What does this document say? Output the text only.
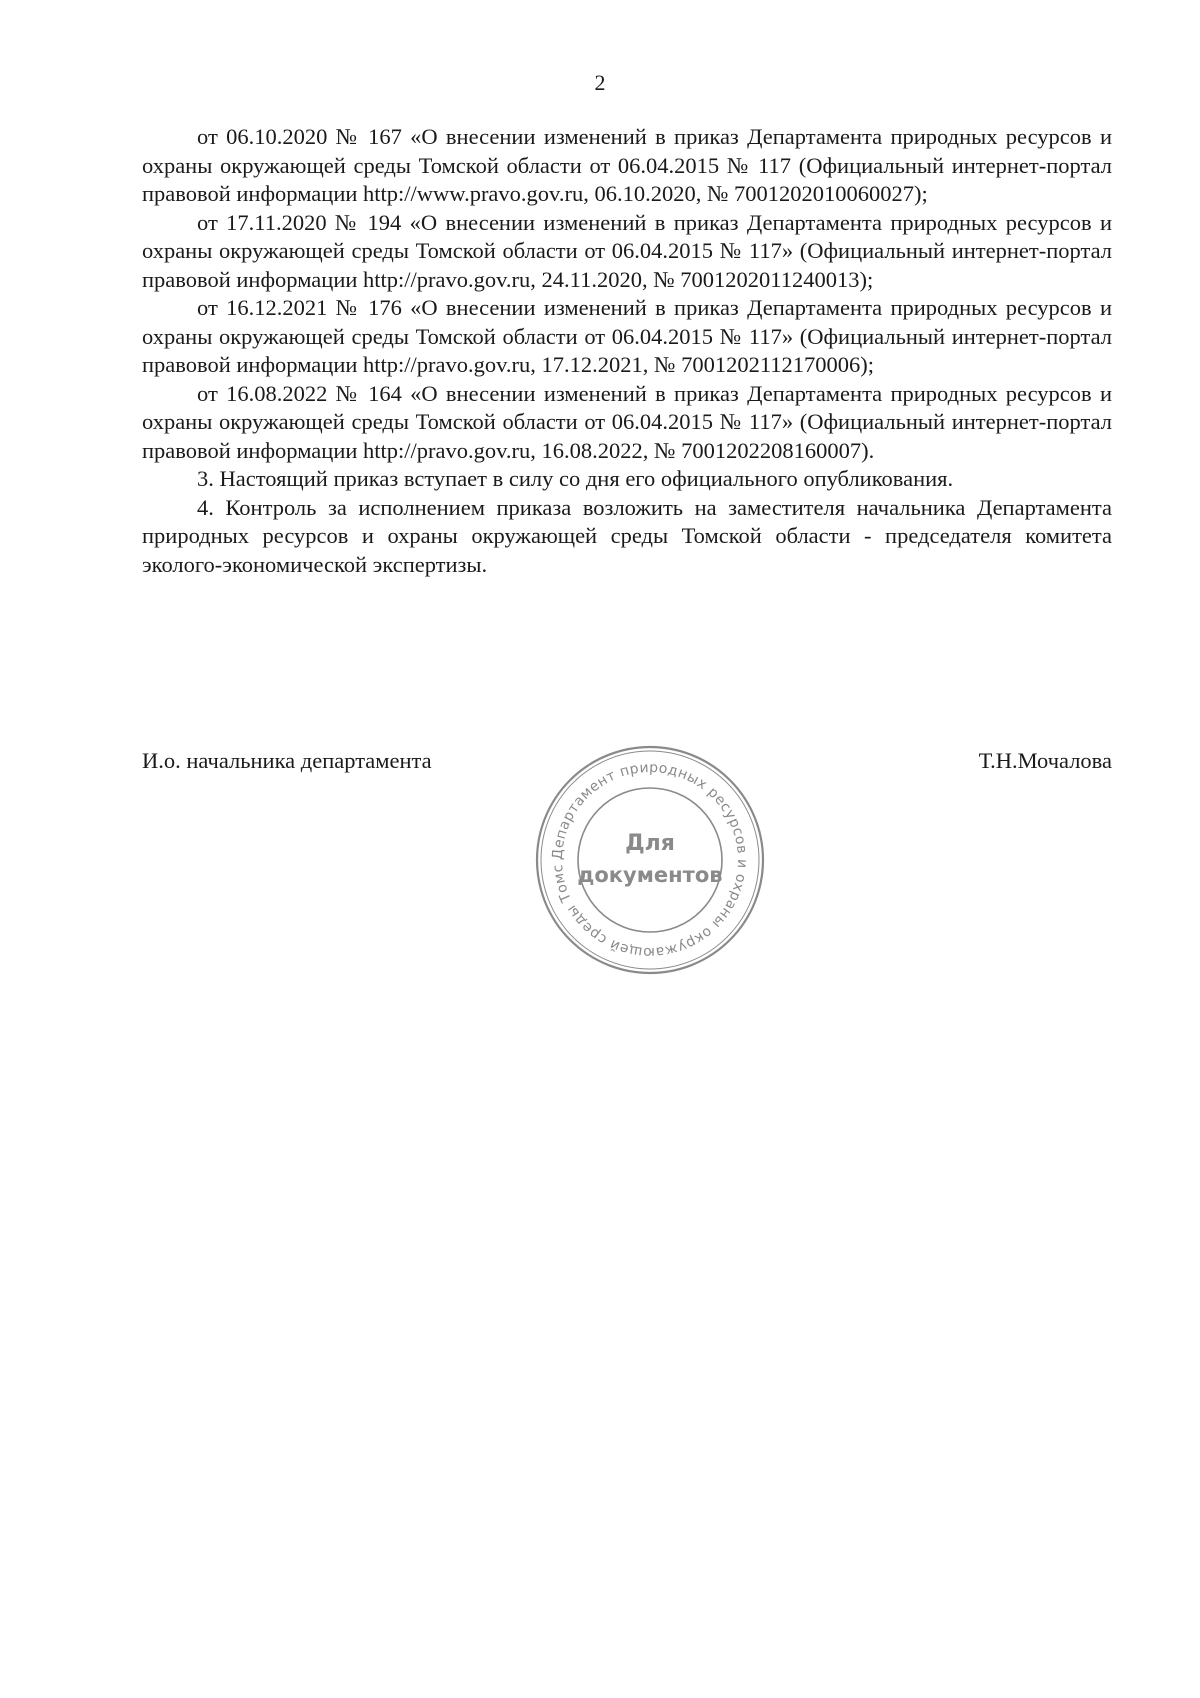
2

от 06.10.2020 № 167 «О внесении изменений в приказ Департамента природных ресурсов и охраны окружающей среды Томской области от 06.04.2015 № 117 (Официальный интернет-портал правовой информации http://www.pravo.gov.ru, 06.10.2020, № 7001202010060027);

от 17.11.2020 № 194 «О внесении изменений в приказ Департамента природных ресурсов и охраны окружающей среды Томской области от 06.04.2015 № 117» (Официальный интернет-портал правовой информации http://pravo.gov.ru, 24.11.2020, № 7001202011240013);

от 16.12.2021 № 176 «О внесении изменений в приказ Департамента природных ресурсов и охраны окружающей среды Томской области от 06.04.2015 № 117» (Официальный интернет-портал правовой информации http://pravo.gov.ru, 17.12.2021, № 7001202112170006);

от 16.08.2022 № 164 «О внесении изменений в приказ Департамента природных ресурсов и охраны окружающей среды Томской области от 06.04.2015 № 117» (Официальный интернет-портал правовой информации http://pravo.gov.ru, 16.08.2022, № 7001202208160007).

3. Настоящий приказ вступает в силу со дня его официального опубликования.

4. Контроль за исполнением приказа возложить на заместителя начальника Департамента природных ресурсов и охраны окружающей среды Томской области - председателя комитета эколого-экономической экспертизы.

И.о. начальника департамента	Т.Н.Мочалова
Департамент природных ресурсов и охраны окружающей среды Томс
Для
документов
